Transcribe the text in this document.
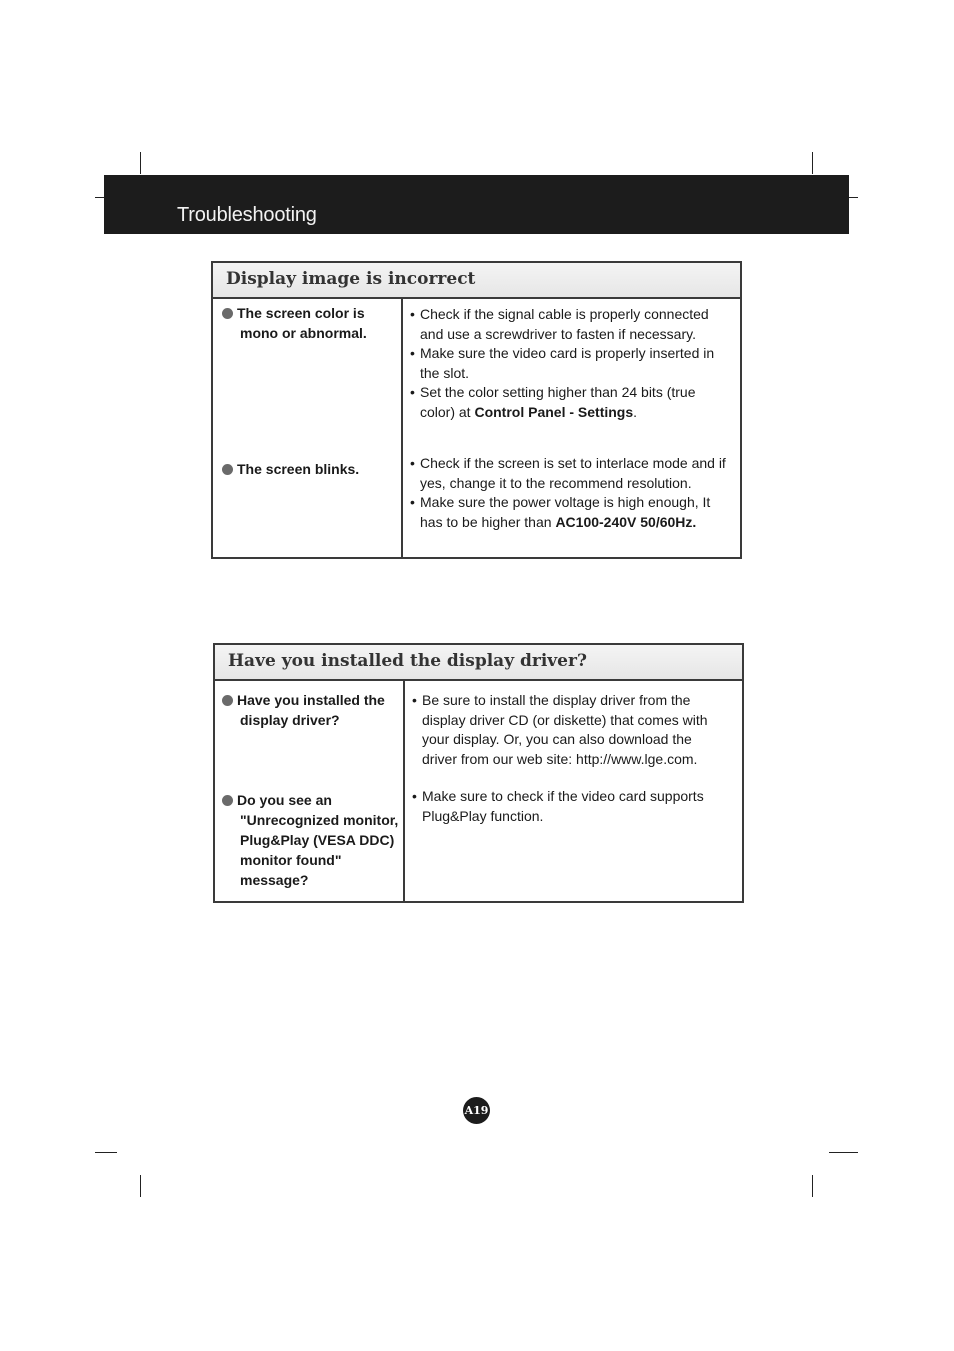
Troubleshooting
Display image is incorrect
The screen color is
mono or abnormal.
• Check if the signal cable is properly connected and use a screwdriver to fasten if necessary.
• Make sure the video card is properly inserted in the slot.
• Set the color setting higher than 24 bits (true color) at Control Panel - Settings.
The screen blinks.
•	Check if the screen is set to interlace mode and if yes, change it to the recommend resolution.
• Make sure the power voltage is high enough, It has to be higher than AC100-240V 50/60Hz.
Have you installed the display driver?
Have you installed the
display driver?
• Be sure to install the display driver from the display driver CD (or diskette) that comes with your display. Or, you can also download the driver from our web site: http://www.lge.com.
Do you see an
"Unrecognized monitor,
Plug&Play (VESA DDC)
monitor found"
message?
• Make sure to check if the video card supports Plug&Play function.
A19
